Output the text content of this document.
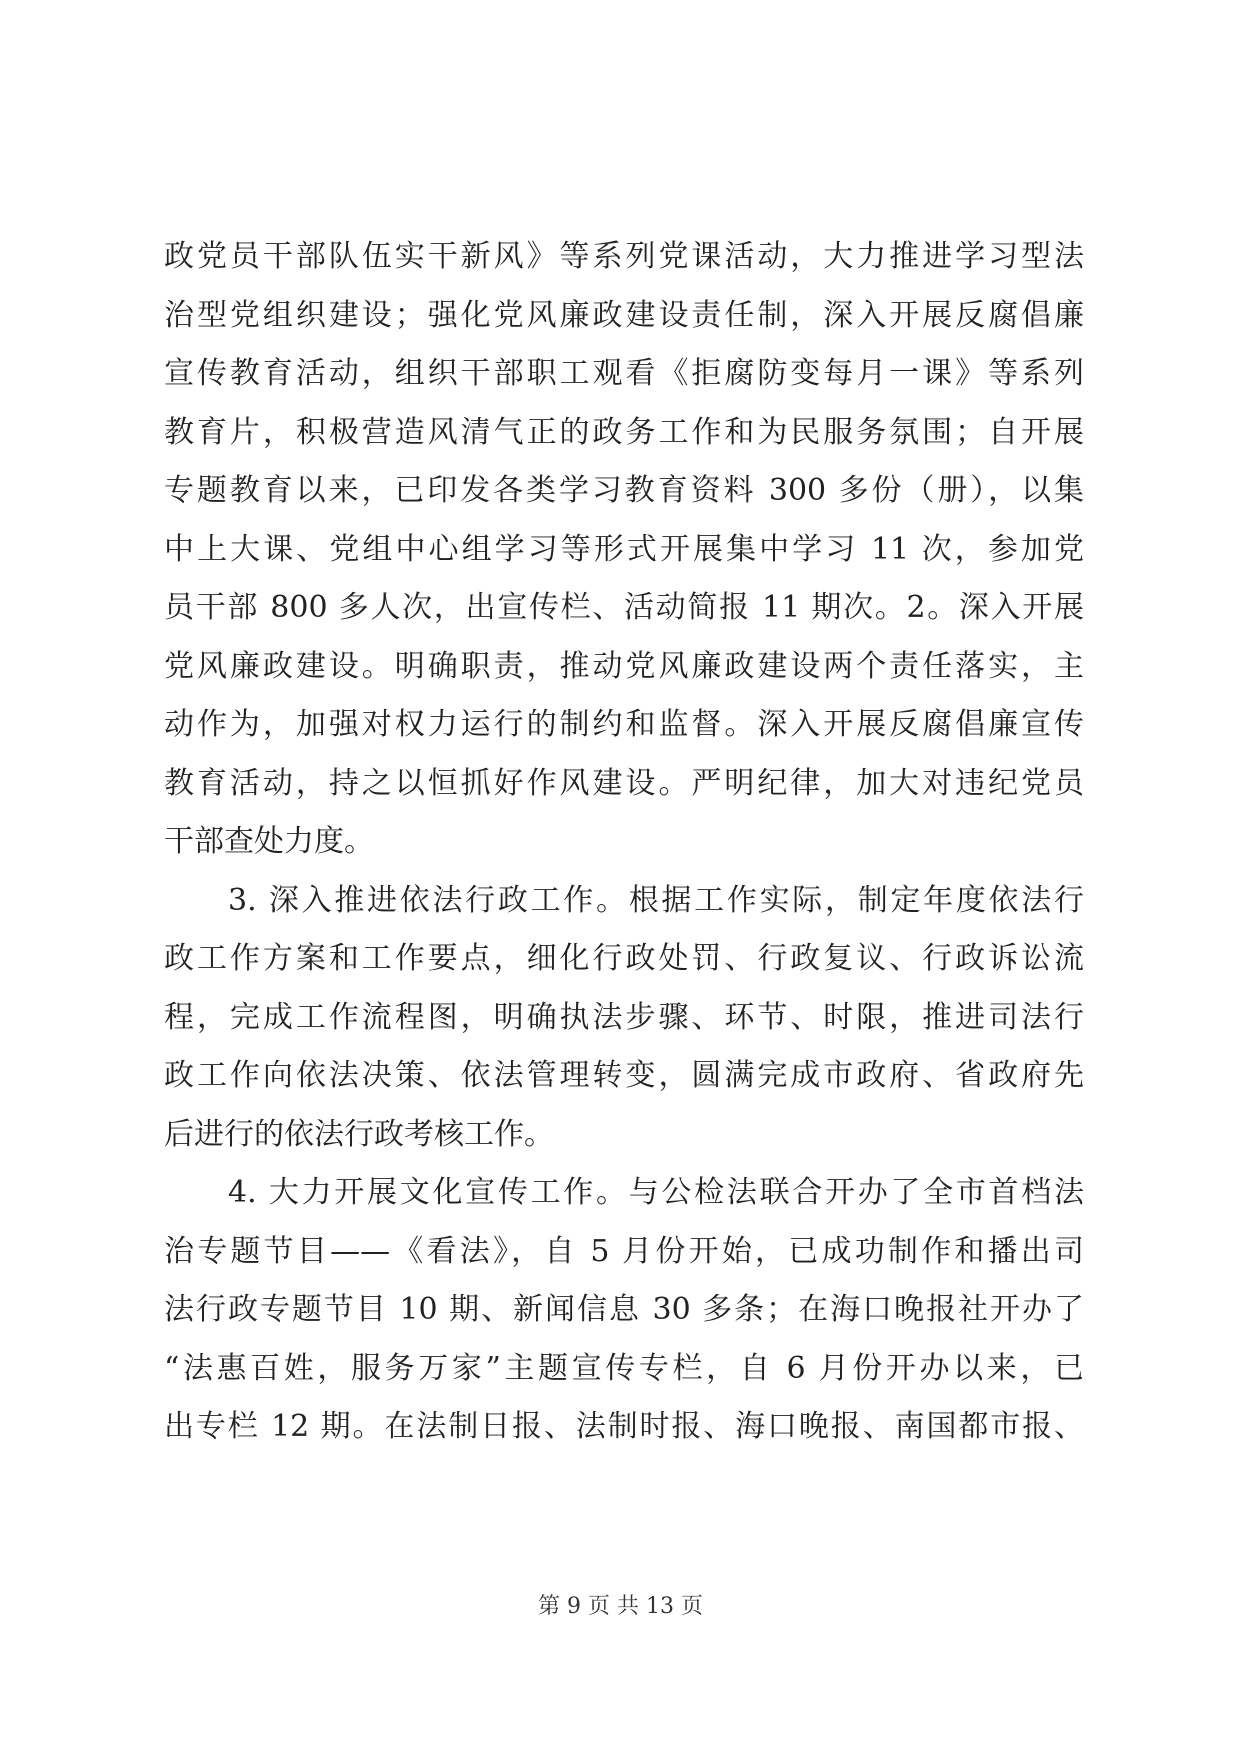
政党员干部队伍实干新风》等系列党课活动，大力推进学习型法
治型党组织建设；强化党风廉政建设责任制，深入开展反腐倡廉
宣传教育活动，组织干部职工观看《拒腐防变每月一课》等系列
教育片，积极营造风清气正的政务工作和为民服务氛围；自开展
专题教育以来，已印发各类学习教育资料 300 多份（册），以集
中上大课、党组中心组学习等形式开展集中学习 11 次，参加党
员干部 800 多人次，出宣传栏、活动简报 11 期次。2。深入开展
党风廉政建设。明确职责，推动党风廉政建设两个责任落实，主
动作为，加强对权力运行的制约和监督。深入开展反腐倡廉宣传
教育活动，持之以恒抓好作风建设。严明纪律，加大对违纪党员
干部查处力度。
3. 深入推进依法行政工作。根据工作实际，制定年度依法行
政工作方案和工作要点，细化行政处罚、行政复议、行政诉讼流
程，完成工作流程图，明确执法步骤、环节、时限，推进司法行
政工作向依法决策、依法管理转变，圆满完成市政府、省政府先
后进行的依法行政考核工作。
4. 大力开展文化宣传工作。与公检法联合开办了全市首档法
治专题节目——《看法》，自 5 月份开始，已成功制作和播出司
法行政专题节目 10 期、新闻信息 30 多条；在海口晚报社开办了
“法惠百姓，服务万家”主题宣传专栏，自 6 月份开办以来，已
出专栏 12 期。在法制日报、法制时报、海口晚报、南国都市报、
第 9 页 共 13 页
